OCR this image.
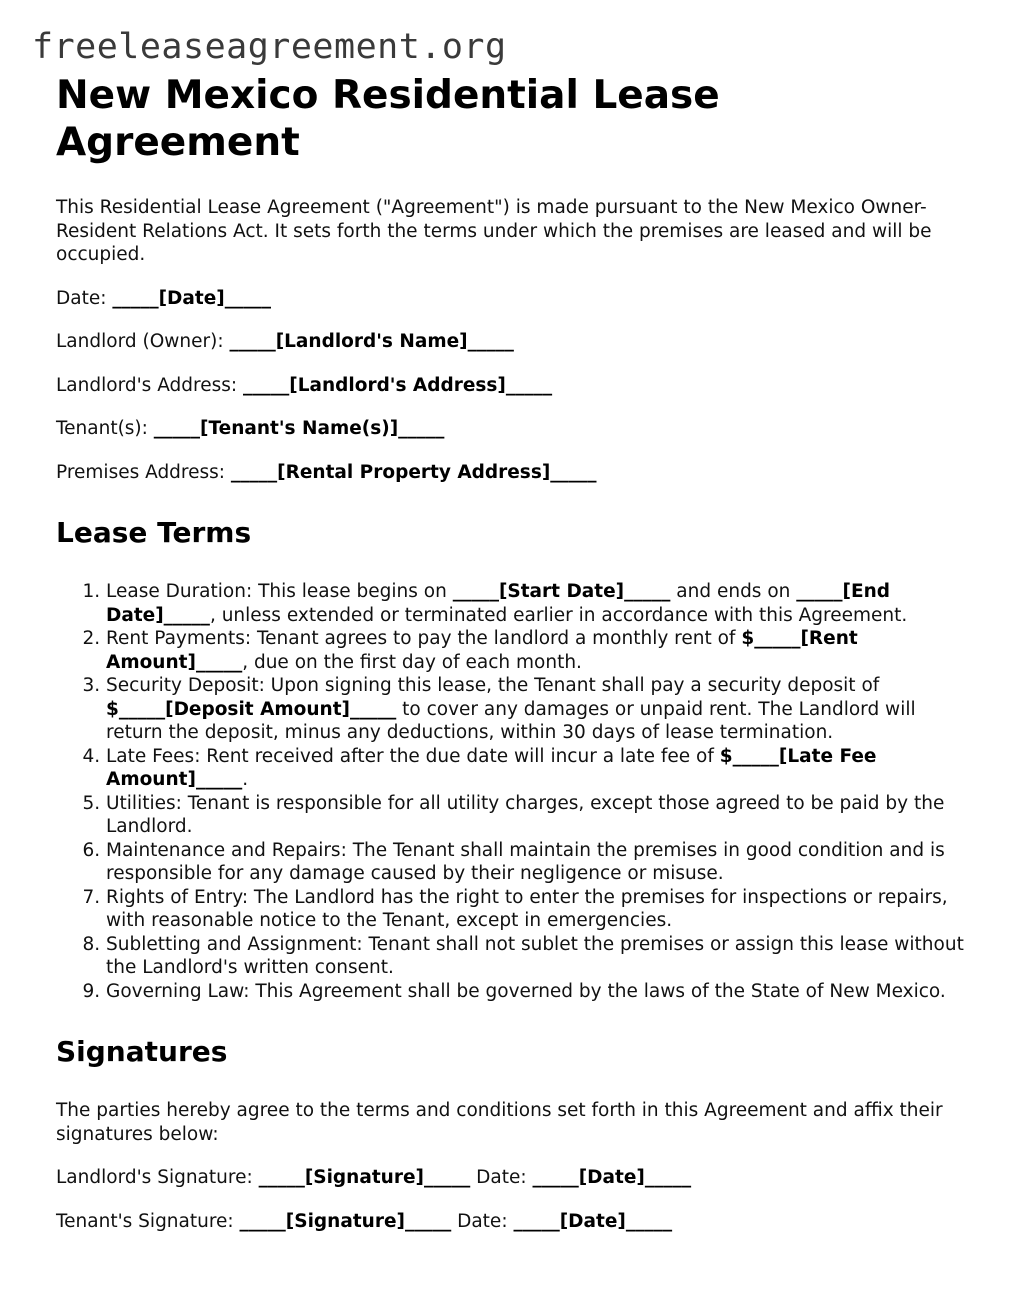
freeleaseagreement.org
New Mexico Residential Lease Agreement

This Residential Lease Agreement ("Agreement") is made pursuant to the New Mexico Owner-Resident Relations Act. It sets forth the terms under which the premises are leased and will be occupied.

Date: _____[Date]_____

Landlord (Owner): _____[Landlord's Name]_____

Landlord's Address: _____[Landlord's Address]_____

Tenant(s): _____[Tenant's Name(s)]_____

Premises Address: _____[Rental Property Address]_____

Lease Terms
1. Lease Duration: This lease begins on _____[Start Date]_____ and ends on _____[End Date]_____, unless extended or terminated earlier in accordance with this Agreement.
2. Rent Payments: Tenant agrees to pay the landlord a monthly rent of $_____[Rent Amount]_____, due on the first day of each month.
3. Security Deposit: Upon signing this lease, the Tenant shall pay a security deposit of $_____[Deposit Amount]_____ to cover any damages or unpaid rent. The Landlord will return the deposit, minus any deductions, within 30 days of lease termination.
4. Late Fees: Rent received after the due date will incur a late fee of $_____[Late Fee Amount]_____.
5. Utilities: Tenant is responsible for all utility charges, except those agreed to be paid by the Landlord.
6. Maintenance and Repairs: The Tenant shall maintain the premises in good condition and is responsible for any damage caused by their negligence or misuse.
7. Rights of Entry: The Landlord has the right to enter the premises for inspections or repairs, with reasonable notice to the Tenant, except in emergencies.
8. Subletting and Assignment: Tenant shall not sublet the premises or assign this lease without the Landlord's written consent.
9. Governing Law: This Agreement shall be governed by the laws of the State of New Mexico.
Signatures

The parties hereby agree to the terms and conditions set forth in this Agreement and affix their signatures below:

Landlord's Signature: _____[Signature]_____ Date: _____[Date]_____

Tenant's Signature: _____[Signature]_____ Date: _____[Date]_____
